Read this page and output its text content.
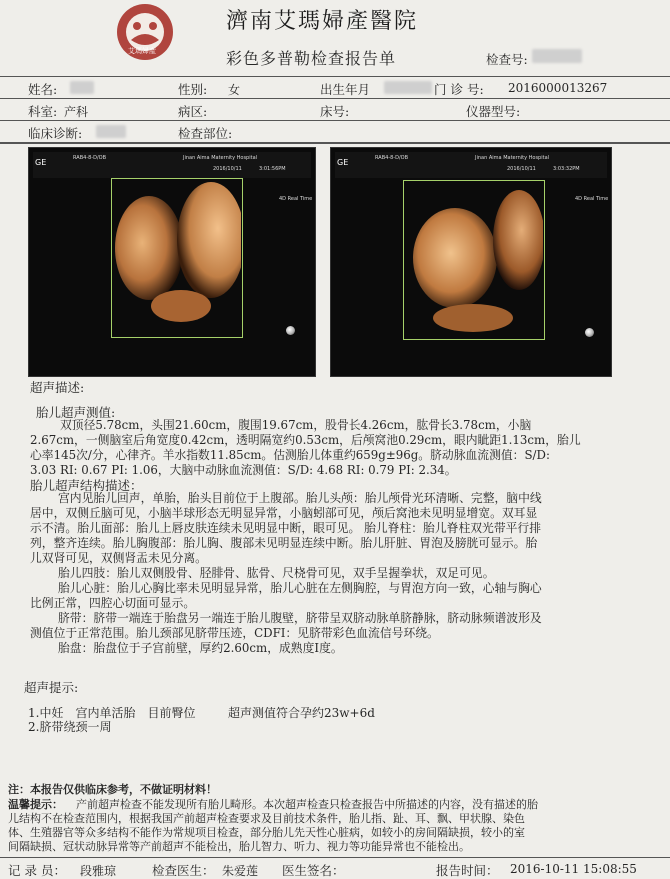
艾瑪婦產
濟南艾瑪婦產醫院
彩色多普勒检查报告单	检查号:
姓名:	性别: 女	出生年月	门 诊 号: 2016000013267
科室: 产科	病区:	床号:	仪器型号:
临床诊断:	检查部位:
RAB4-8-D/OB	Jinan Aima Maternity Hospital
2016/10/11	3:01:56PM
GE
4D Real Time
RAB4-8-D/OB	Jinan Aima Maternity Hospital
2016/10/11	3:03:32PM
GE
4D Real Time
超声描述:
胎儿超声测值:
双顶径5.78cm，头围21.60cm，腹围19.67cm，股骨长4.26cm，肱骨长3.78cm，小脑
2.67cm，一侧脑室后角宽度0.42cm，透明隔宽约0.53cm，后颅窝池0.29cm，眼内眦距1.13cm，胎儿
心率145次/分，心律齐。羊水指数11.85cm。估测胎儿体重约659g±96g。脐动脉血流测值：S/D:
3.03 RI: 0.67 PI: 1.06，大脑中动脉血流测值：S/D: 4.68 RI: 0.79 PI: 2.34。
胎儿超声结构描述：
宫内见胎儿回声，单胎，胎头目前位于上腹部。胎儿头颅：胎儿颅骨光环清晰、完整，脑中线
居中，双侧丘脑可见，小脑半球形态无明显异常，小脑蚓部可见，颅后窝池未见明显增宽。双耳显
示不清。胎儿面部：胎儿上唇皮肤连续未见明显中断，眼可见。 胎儿脊柱：胎儿脊柱双光带平行排
列，整齐连续。胎儿胸腹部：胎儿胸、腹部未见明显连续中断。胎儿肝脏、胃泡及膀胱可显示。胎
儿双肾可见，双侧肾盂未见分离。
胎儿四肢：胎儿双侧股骨、胫腓骨、肱骨、尺桡骨可见，双手呈握拳状，双足可见。
胎儿心脏：胎儿心胸比率未见明显异常，胎儿心脏在左侧胸腔，与胃泡方向一致，心轴与胸心
比例正常，四腔心切面可显示。
脐带：脐带一端连于胎盘另一端连于胎儿腹壁，脐带呈双脐动脉单脐静脉，脐动脉频谱波形及
测值位于正常范围。胎儿颈部见脐带压迹，CDFI：见脐带彩色血流信号环绕。
胎盘：胎盘位于子宫前壁，厚约2.60cm，成熟度Ⅰ度。
超声提示:
1.中妊　宫内单活胎　目前臀位	超声测值符合孕约23w+6d
2.脐带绕颈一周
注：本报告仅供临床参考，不做证明材料！
温馨提示： 产前超声检查不能发现所有胎儿畸形。本次超声检查只检查报告中所描述的内容，没有描述的胎
儿结构不在检查范围内，根据我国产前超声检查要求及目前技术条件，胎儿指、趾、耳、飘、甲状腺、染色
体、生殖器官等众多结构不能作为常规项目检查，部分胎儿先天性心脏病，如较小的房间隔缺损，较小的室
间隔缺损、冠状动脉异常等产前超声不能检出，胎儿智力、听力、视力等功能异常也不能检出。
记 录 员： 段雅琼	检查医生： 朱爱莲 医生签名：	报告时间： 2016-10-11 15:08:55
